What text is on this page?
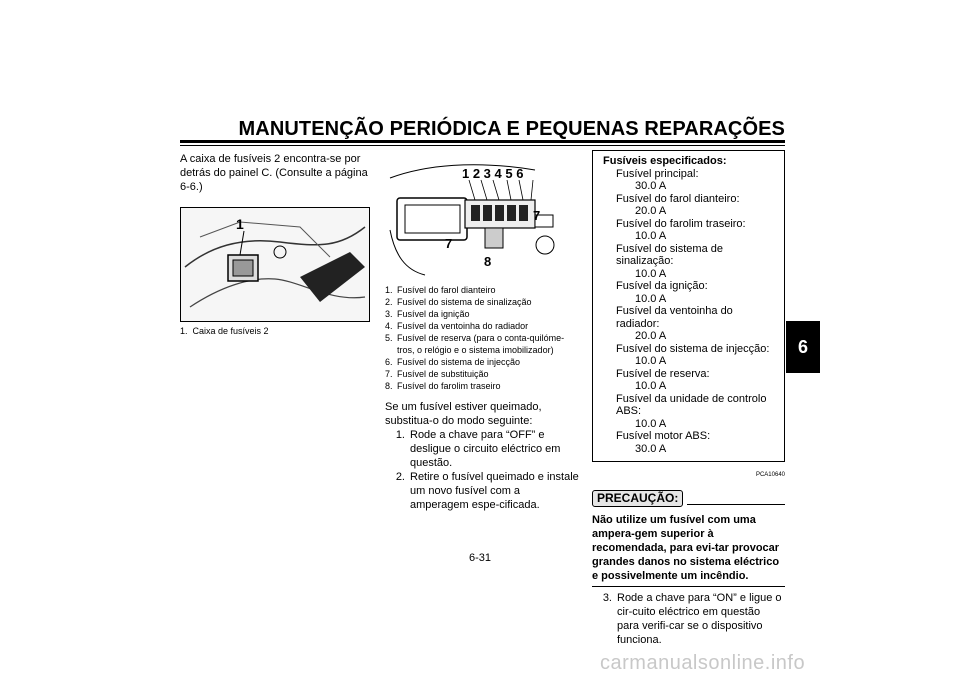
MANUTENÇÃO PERIÓDICA E PEQUENAS REPARAÇÕES
6
A caixa de fusíveis 2 encontra-se por detrás do painel C. (Consulte a página 6-6.)
1
1. Caixa de fusíveis 2
1 2 3 4 5 6
7
7
8
1. Fusível do farol dianteiro
2. Fusível do sistema de sinalização
3. Fusível da ignição
4. Fusível da ventoinha do radiador
5. Fusível de reserva (para o conta-quilóme-tros, o relógio e o sistema imobilizador)
6. Fusível do sistema de injecção
7. Fusível de substituição
8. Fusível do farolim traseiro
Se um fusível estiver queimado, substitua-o do modo seguinte:
1. Rode a chave para “OFF” e desligue o circuito eléctrico em questão.
2. Retire o fusível queimado e instale um novo fusível com a amperagem espe-cificada.
Fusíveis especificados:
Fusível principal:
30.0 A
Fusível do farol dianteiro:
20.0 A
Fusível do farolim traseiro:
10.0 A
Fusível do sistema de sinalização:
10.0 A
Fusível da ignição:
10.0 A
Fusível da ventoinha do radiador:
20.0 A
Fusível do sistema de injecção:
10.0 A
Fusível de reserva:
10.0 A
Fusível da unidade de controlo ABS:
10.0 A
Fusível motor ABS:
30.0 A
PCA10640
PRECAUÇÃO:
Não utilize um fusível com uma ampera-gem superior à recomendada, para evi-tar provocar grandes danos no sistema eléctrico e possivelmente um incêndio.
3. Rode a chave para “ON” e ligue o cir-cuito eléctrico em questão para verifi-car se o dispositivo funciona.
6-31
carmanualsonline.info
